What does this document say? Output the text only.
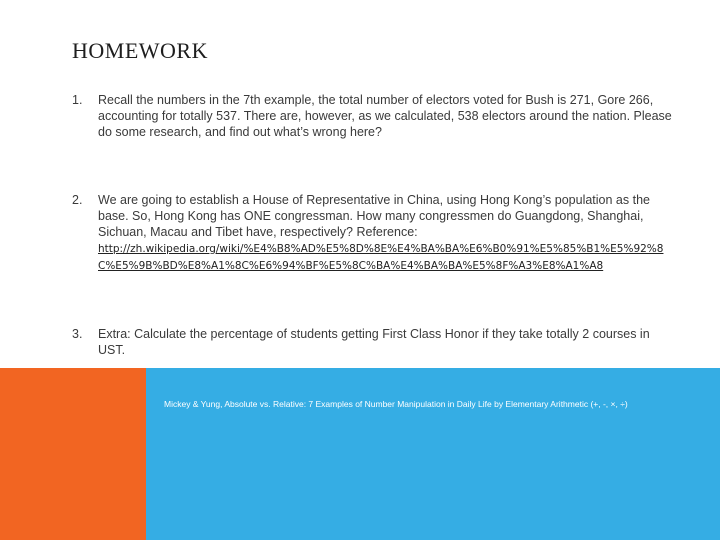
HOMEWORK
1. Recall the numbers in the 7th example, the total number of electors voted for Bush is 271, Gore 266, accounting for totally 537. There are, however, as we calculated, 538 electors around the nation. Please do some research, and find out what’s wrong here?
2. We are going to establish a House of Representative in China, using Hong Kong’s population as the base. So, Hong Kong has ONE congressman. How many congressmen do Guangdong, Shanghai, Sichuan, Macau and Tibet have, respectively? Reference:
http://zh.wikipedia.org/wiki/%E4%B8%AD%E5%8D%8E%E4%BA%BA%E6%B0%91%E5%85%B1%E5%92%8C%E5%9B%BD%E8%A1%8C%E6%94%BF%E5%8C%BA%E4%BA%BA%E5%8F%A3%E8%A1%A8
3. Extra: Calculate the percentage of students getting First Class Honor if they take totally 2 courses in UST.
Mickey & Yung, Absolute vs. Relative: 7 Examples of Number Manipulation in Daily Life by Elementary Arithmetic (+, -, ×, ÷)
